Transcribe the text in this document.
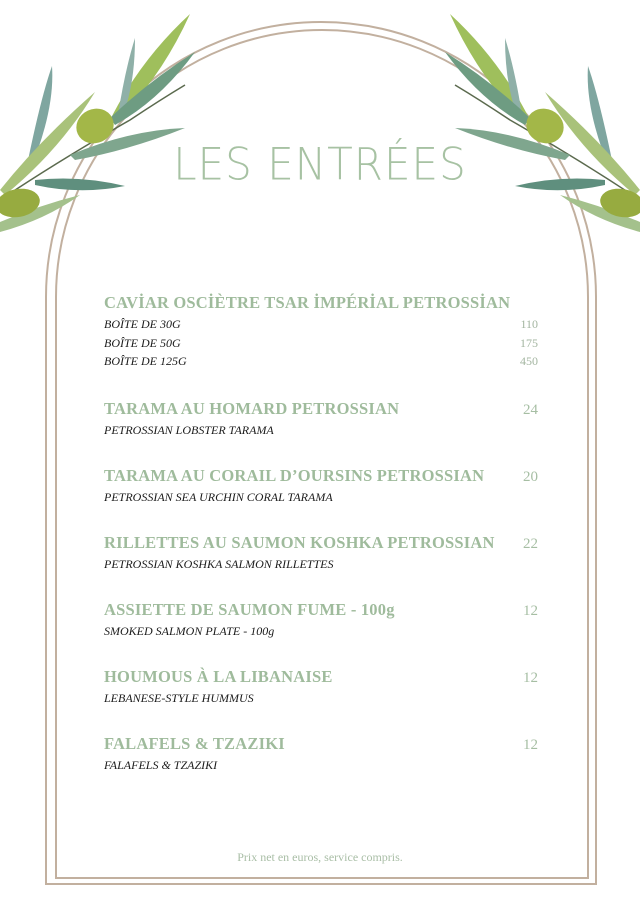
LES ENTRÉES
CAVİAR OSCİÈTRE TSAR İMPÉRİAL PETROSSİAN
BOÎTE DE 30G	110
BOÎTE DE 50G	175
BOÎTE DE 125G	450
TARAMA AU HOMARD PETROSSIAN	24
PETROSSIAN LOBSTER TARAMA
TARAMA AU CORAIL D’OURSINS PETROSSIAN	20
PETROSSIAN SEA URCHIN CORAL TARAMA
RILLETTES AU SAUMON KOSHKA PETROSSIAN 22
PETROSSIAN KOSHKA SALMON RILLETTES
ASSIETTE DE SAUMON FUME - 100g	12
SMOKED SALMON PLATE - 100g
HOUMOUS À LA LIBANAISE	12
LEBANESE-STYLE HUMMUS
FALAFELS & TZAZIKI	12
FALAFELS & TZAZIKI
Prix net en euros, service compris.
